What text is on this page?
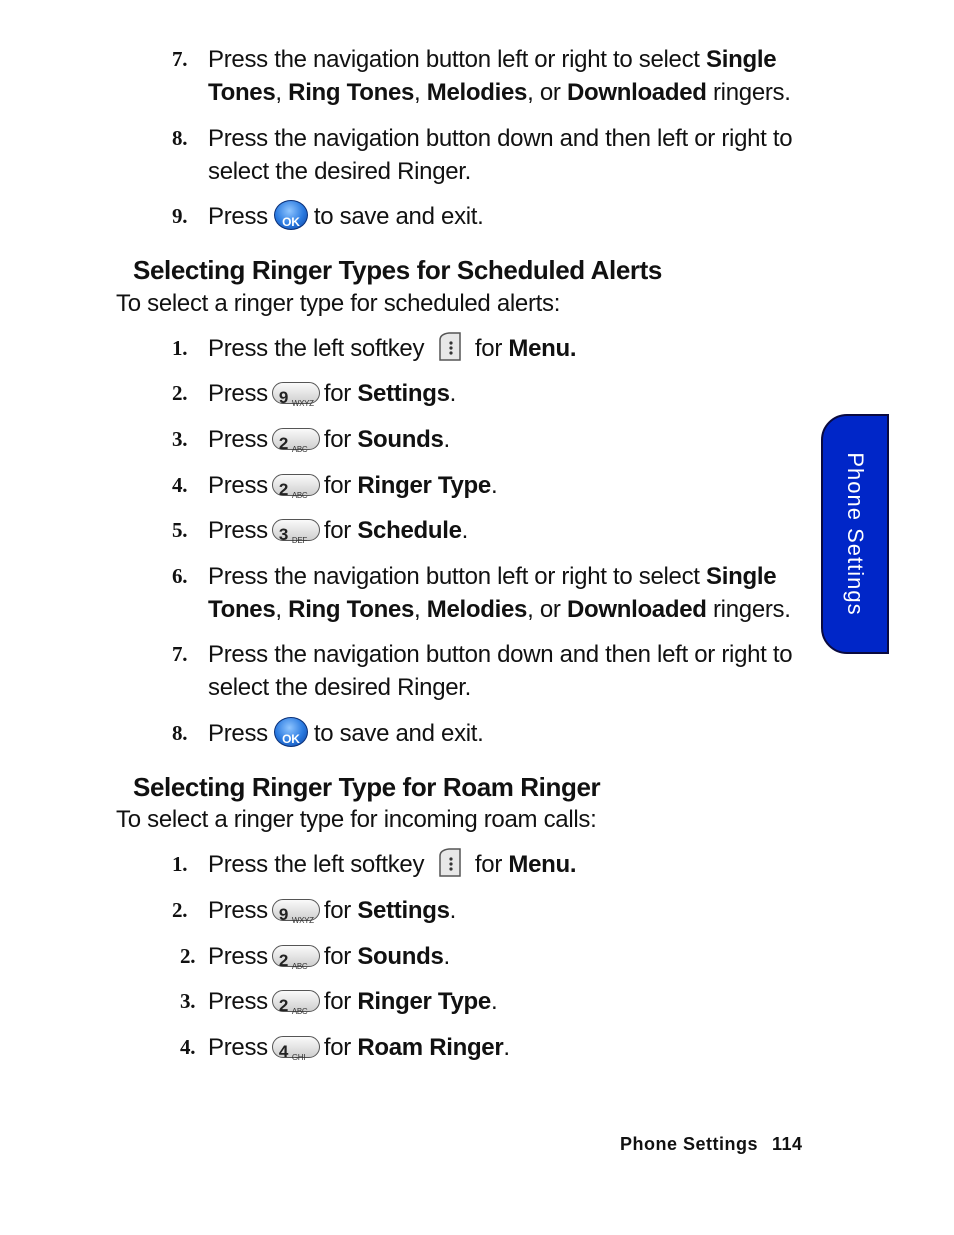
7. Press the navigation button left or right to select Single Tones, Ring Tones, Melodies, or Downloaded ringers.
8. Press the navigation button down and then left or right to select the desired Ringer.
9. Press	OK to save and exit.
Selecting Ringer Types for Scheduled Alerts
To select a ringer type for scheduled alerts:
1. Press the left softkey for Menu.
2. Press 9 WXYZ for Settings.
3. Press 2 ABC for Sounds.
4. Press 2 ABC for Ringer Type.
5. Press 3 DEF for Schedule.
6. Press the navigation button left or right to select Single Tones, Ring Tones, Melodies, or Downloaded ringers.
7. Press the navigation button down and then left or right to select the desired Ringer.
8. Press	OK to save and exit.
Selecting Ringer Type for Roam Ringer
To select a ringer type for incoming roam calls:
1. Press the left softkey for Menu.
2. Press 9 WXYZ for Settings.
2. Press 2 ABC for Sounds.
3. Press 2 ABC for Ringer Type.
4. Press 4 GHI for Roam Ringer.
Phone Settings
Phone Settings 114
